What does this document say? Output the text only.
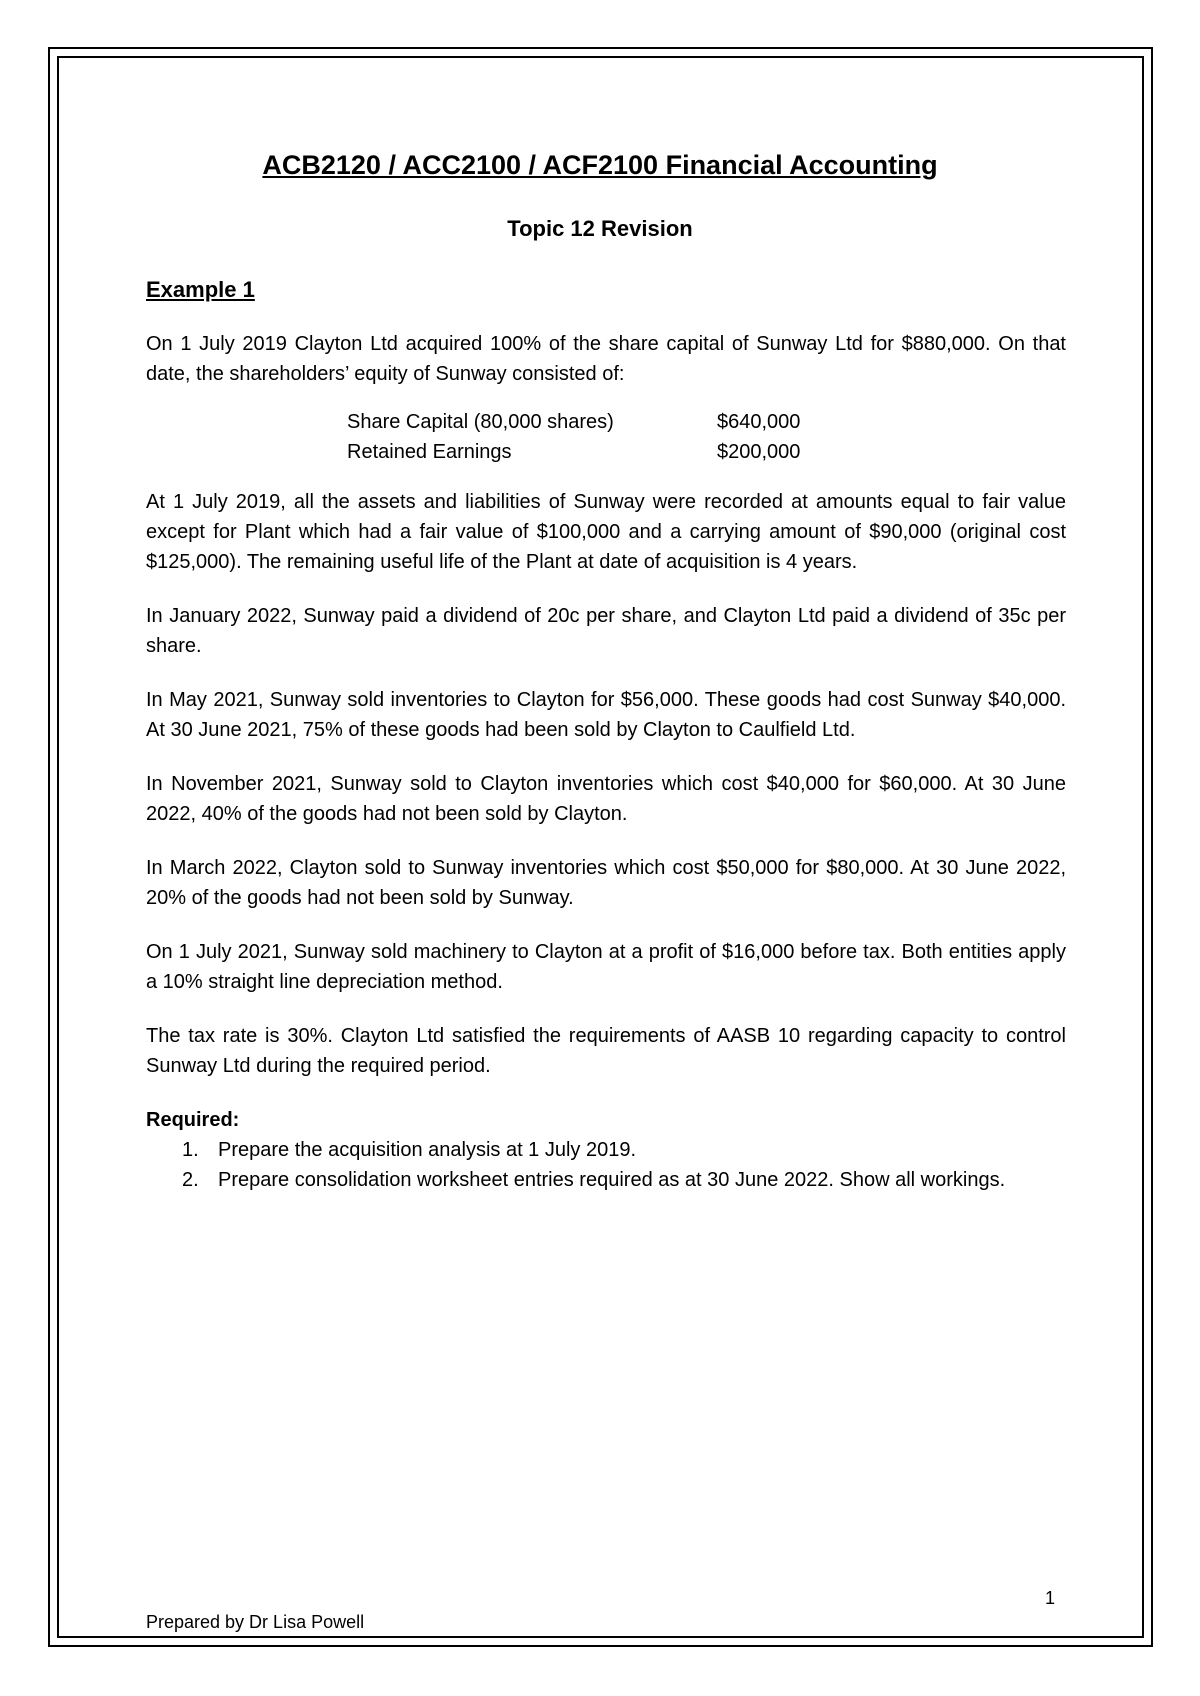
ACB2120 / ACC2100 / ACF2100 Financial Accounting
Topic 12 Revision
Example 1

On 1 July 2019 Clayton Ltd acquired 100% of the share capital of Sunway Ltd for $880,000. On that date, the shareholders’ equity of Sunway consisted of:

Share Capital (80,000 shares)	$640,000
Retained Earnings	$200,000

At 1 July 2019, all the assets and liabilities of Sunway were recorded at amounts equal to fair value except for Plant which had a fair value of $100,000 and a carrying amount of $90,000 (original cost $125,000). The remaining useful life of the Plant at date of acquisition is 4 years.

In January 2022, Sunway paid a dividend of 20c per share, and Clayton Ltd paid a dividend of 35c per share.

In May 2021, Sunway sold inventories to Clayton for $56,000. These goods had cost Sunway $40,000. At 30 June 2021, 75% of these goods had been sold by Clayton to Caulfield Ltd.

In November 2021, Sunway sold to Clayton inventories which cost $40,000 for $60,000. At 30 June 2022, 40% of the goods had not been sold by Clayton.

In March 2022, Clayton sold to Sunway inventories which cost $50,000 for $80,000. At 30 June 2022, 20% of the goods had not been sold by Sunway.

On 1 July 2021, Sunway sold machinery to Clayton at a profit of $16,000 before tax. Both entities apply a 10% straight line depreciation method.

The tax rate is 30%. Clayton Ltd satisfied the requirements of AASB 10 regarding capacity to control Sunway Ltd during the required period.

Required:

1. Prepare the acquisition analysis at 1 July 2019.
2. Prepare consolidation worksheet entries required as at 30 June 2022. Show all workings.
1
Prepared by Dr Lisa Powell
